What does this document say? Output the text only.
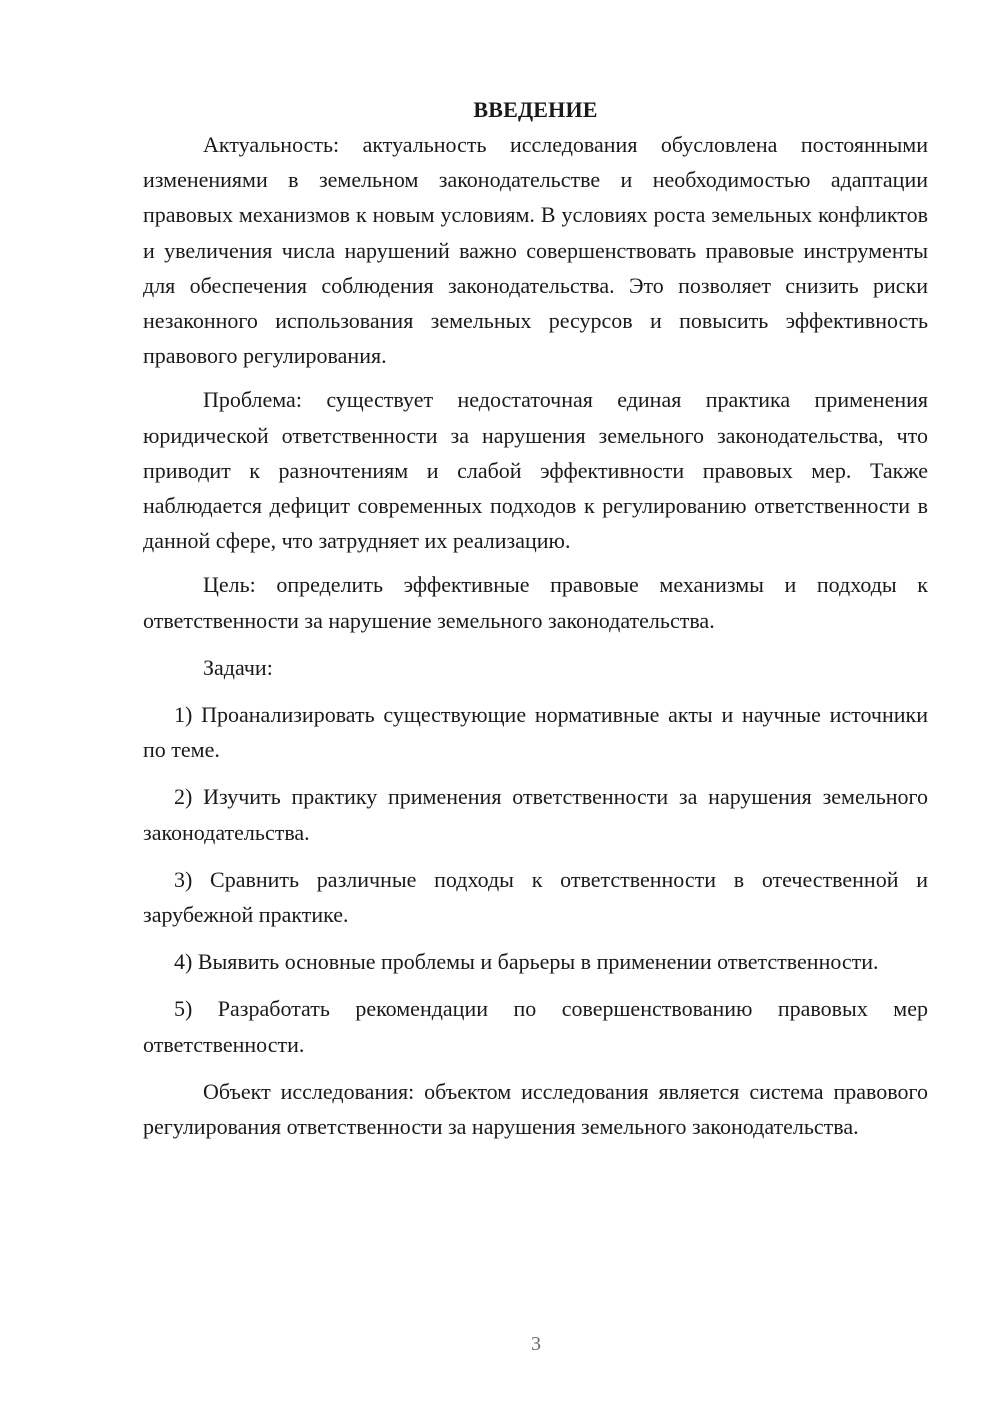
ВВЕДЕНИЕ

Актуальность: актуальность исследования обусловлена постоянными изменениями в земельном законодательстве и необходимостью адаптации правовых механизмов к новым условиям. В условиях роста земельных конфликтов и увеличения числа нарушений важно совершенствовать правовые инструменты для обеспечения соблюдения законодательства. Это позволяет снизить риски незаконного использования земельных ресурсов и повысить эффективность правового регулирования.

Проблема: существует недостаточная единая практика применения юридической ответственности за нарушения земельного законодательства, что приводит к разночтениям и слабой эффективности правовых мер. Также наблюдается дефицит современных подходов к регулированию ответственности в данной сфере, что затрудняет их реализацию.

Цель: определить эффективные правовые механизмы и подходы к ответственности за нарушение земельного законодательства.

Задачи:

1) Проанализировать существующие нормативные акты и научные источники по теме.

2) Изучить практику применения ответственности за нарушения земельного законодательства.

3) Сравнить различные подходы к ответственности в отечественной и зарубежной практике.

4) Выявить основные проблемы и барьеры в применении ответственности.

5) Разработать рекомендации по совершенствованию правовых мер ответственности.

Объект исследования: объектом исследования является система правового регулирования ответственности за нарушения земельного законодательства.

3
